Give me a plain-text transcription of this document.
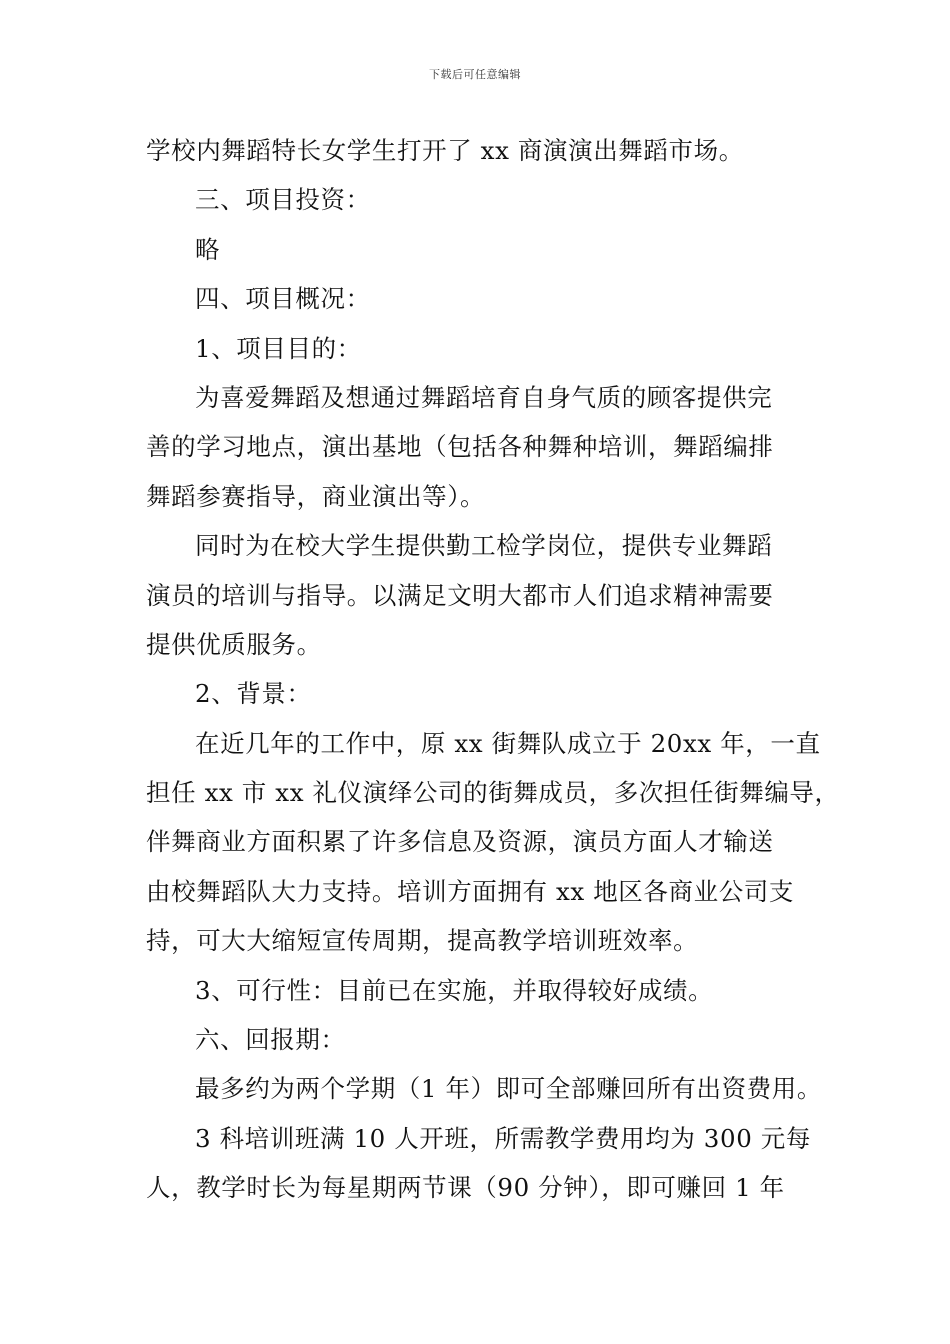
下载后可任意编辑
学校内舞蹈特长女学生打开了 xx 商演演出舞蹈市场。
三、项目投资：
略
四、项目概况：
1、项目目的：
为喜爱舞蹈及想通过舞蹈培育自身气质的顾客提供完
善的学习地点，演出基地（包括各种舞种培训，舞蹈编排
舞蹈参赛指导，商业演出等）。
同时为在校大学生提供勤工检学岗位，提供专业舞蹈
演员的培训与指导。以满足文明大都市人们追求精神需要
提供优质服务。
2、背景：
在近几年的工作中，原 xx 街舞队成立于 20xx 年，一直
担任 xx 市 xx 礼仪演绎公司的街舞成员，多次担任街舞编导，
伴舞商业方面积累了许多信息及资源，演员方面人才输送
由校舞蹈队大力支持。培训方面拥有 xx 地区各商业公司支
持，可大大缩短宣传周期，提高教学培训班效率。
3、可行性：目前已在实施，并取得较好成绩。
六、回报期：
最多约为两个学期（1 年）即可全部赚回所有出资费用。
3 科培训班满 10 人开班，所需教学费用均为 300 元每
人，教学时长为每星期两节课（90 分钟），即可赚回 1 年
